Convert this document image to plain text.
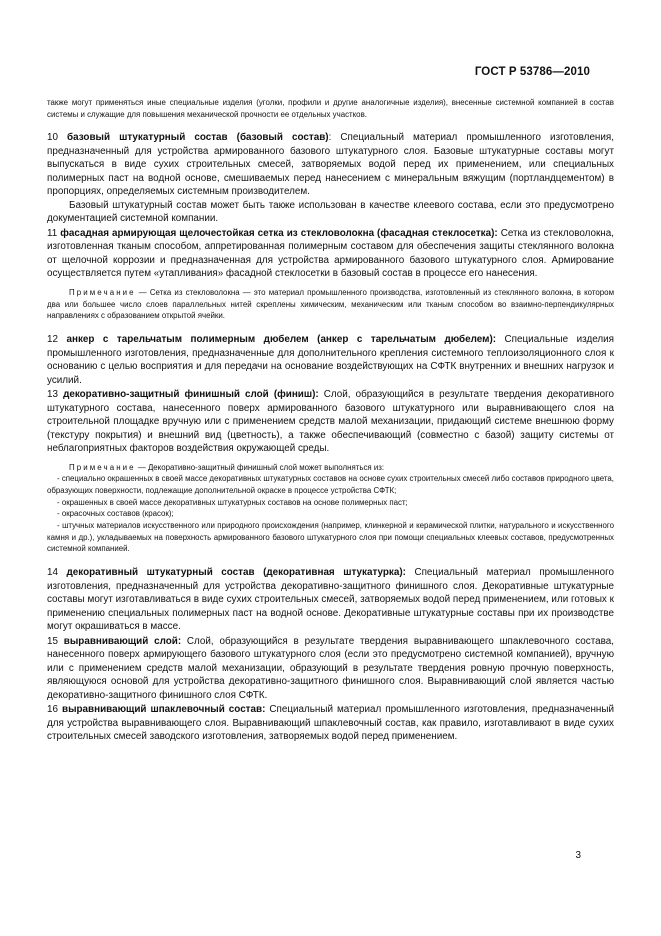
ГОСТ Р 53786—2010

также могут применяться иные специальные изделия (уголки, профили и другие аналогичные изделия), внесенные системной компанией в состав системы и служащие для повышения механической прочности ее отдельных участков.

10 базовый штукатурный состав (базовый состав): Специальный материал промышленного изготовления, предназначенный для устройства армированного базового штукатурного слоя. Базовые штукатурные составы могут выпускаться в виде сухих строительных смесей, затворяемых водой перед их применением, или специальных полимерных паст на водной основе, смешиваемых перед нанесением с минеральным вяжущим (портландцементом) в пропорциях, определяемых системным производителем.

Базовый штукатурный состав может быть также использован в качестве клеевого состава, если это предусмотрено документацией системной компании.

11 фасадная армирующая щелочестойкая сетка из стекловолокна (фасадная стеклосетка): Сетка из стекловолокна, изготовленная тканым способом, аппретированная полимерным составом для обеспечения защиты стеклянного волокна от щелочной коррозии и предназначенная для устройства армированного базового штукатурного слоя. Армирование осуществляется путем «утапливания» фасадной стеклосетки в базовый состав в процессе его нанесения.

Примечание — Сетка из стекловолокна — это материал промышленного производства, изготовленный из стеклянного волокна, в котором два или большее число слоев параллельных нитей скреплены химическим, механическим или тканым способом во взаимно-перпендикулярных направлениях с образованием открытой ячейки.

12 анкер с тарельчатым полимерным дюбелем (анкер с тарельчатым дюбелем): Специальные изделия промышленного изготовления, предназначенные для дополнительного крепления системного теплоизоляционного слоя к основанию с целью восприятия и для передачи на основание воздействующих на СФТК внутренних и внешних нагрузок и усилий.

13 декоративно-защитный финишный слой (финиш): Слой, образующийся в результате твердения декоративного штукатурного состава, нанесенного поверх армированного базового штукатурного или выравнивающего слоя на строительной площадке вручную или с применением средств малой механизации, придающий системе внешнюю форму (текстуру покрытия) и внешний вид (цветность), а также обеспечивающий (совместно с базой) защиту системы от неблагоприятных факторов воздействия окружающей среды.

Примечание — Декоративно-защитный финишный слой может выполняться из:

- специально окрашенных в своей массе декоративных штукатурных составов на основе сухих строительных смесей либо составов природного цвета, образующих поверхности, подлежащие дополнительной окраске в процессе устройства СФТК;

- окрашенных в своей массе декоративных штукатурных составов на основе полимерных паст;

- окрасочных составов (красок);

- штучных материалов искусственного или природного происхождения (например, клинкерной и керамической плитки, натурального и искусственного камня и др.), укладываемых на поверхность армированного базового штукатурного слоя при помощи специальных клеевых составов, предусмотренных системной компанией.

14 декоративный штукатурный состав (декоративная штукатурка): Специальный материал промышленного изготовления, предназначенный для устройства декоративно-защитного финишного слоя. Декоративные штукатурные составы могут изготавливаться в виде сухих строительных смесей, затворяемых водой перед применением, или готовых к применению специальных полимерных паст на водной основе. Декоративные штукатурные составы при их производстве могут окрашиваться в массе.

15 выравнивающий слой: Слой, образующийся в результате твердения выравнивающего шпаклевочного состава, нанесенного поверх армирующего базового штукатурного слоя (если это предусмотрено системной компанией), вручную или с применением средств малой механизации, образующий в результате твердения ровную прочную поверхность, являющуюся основой для устройства декоративно-защитного финишного слоя. Выравнивающий слой является частью декоративно-защитного финишного слоя СФТК.

16 выравнивающий шпаклевочный состав: Специальный материал промышленного изготовления, предназначенный для устройства выравнивающего слоя. Выравнивающий шпаклевочный состав, как правило, изготавливают в виде сухих строительных смесей заводского изготовления, затворяемых водой перед применением.

3
